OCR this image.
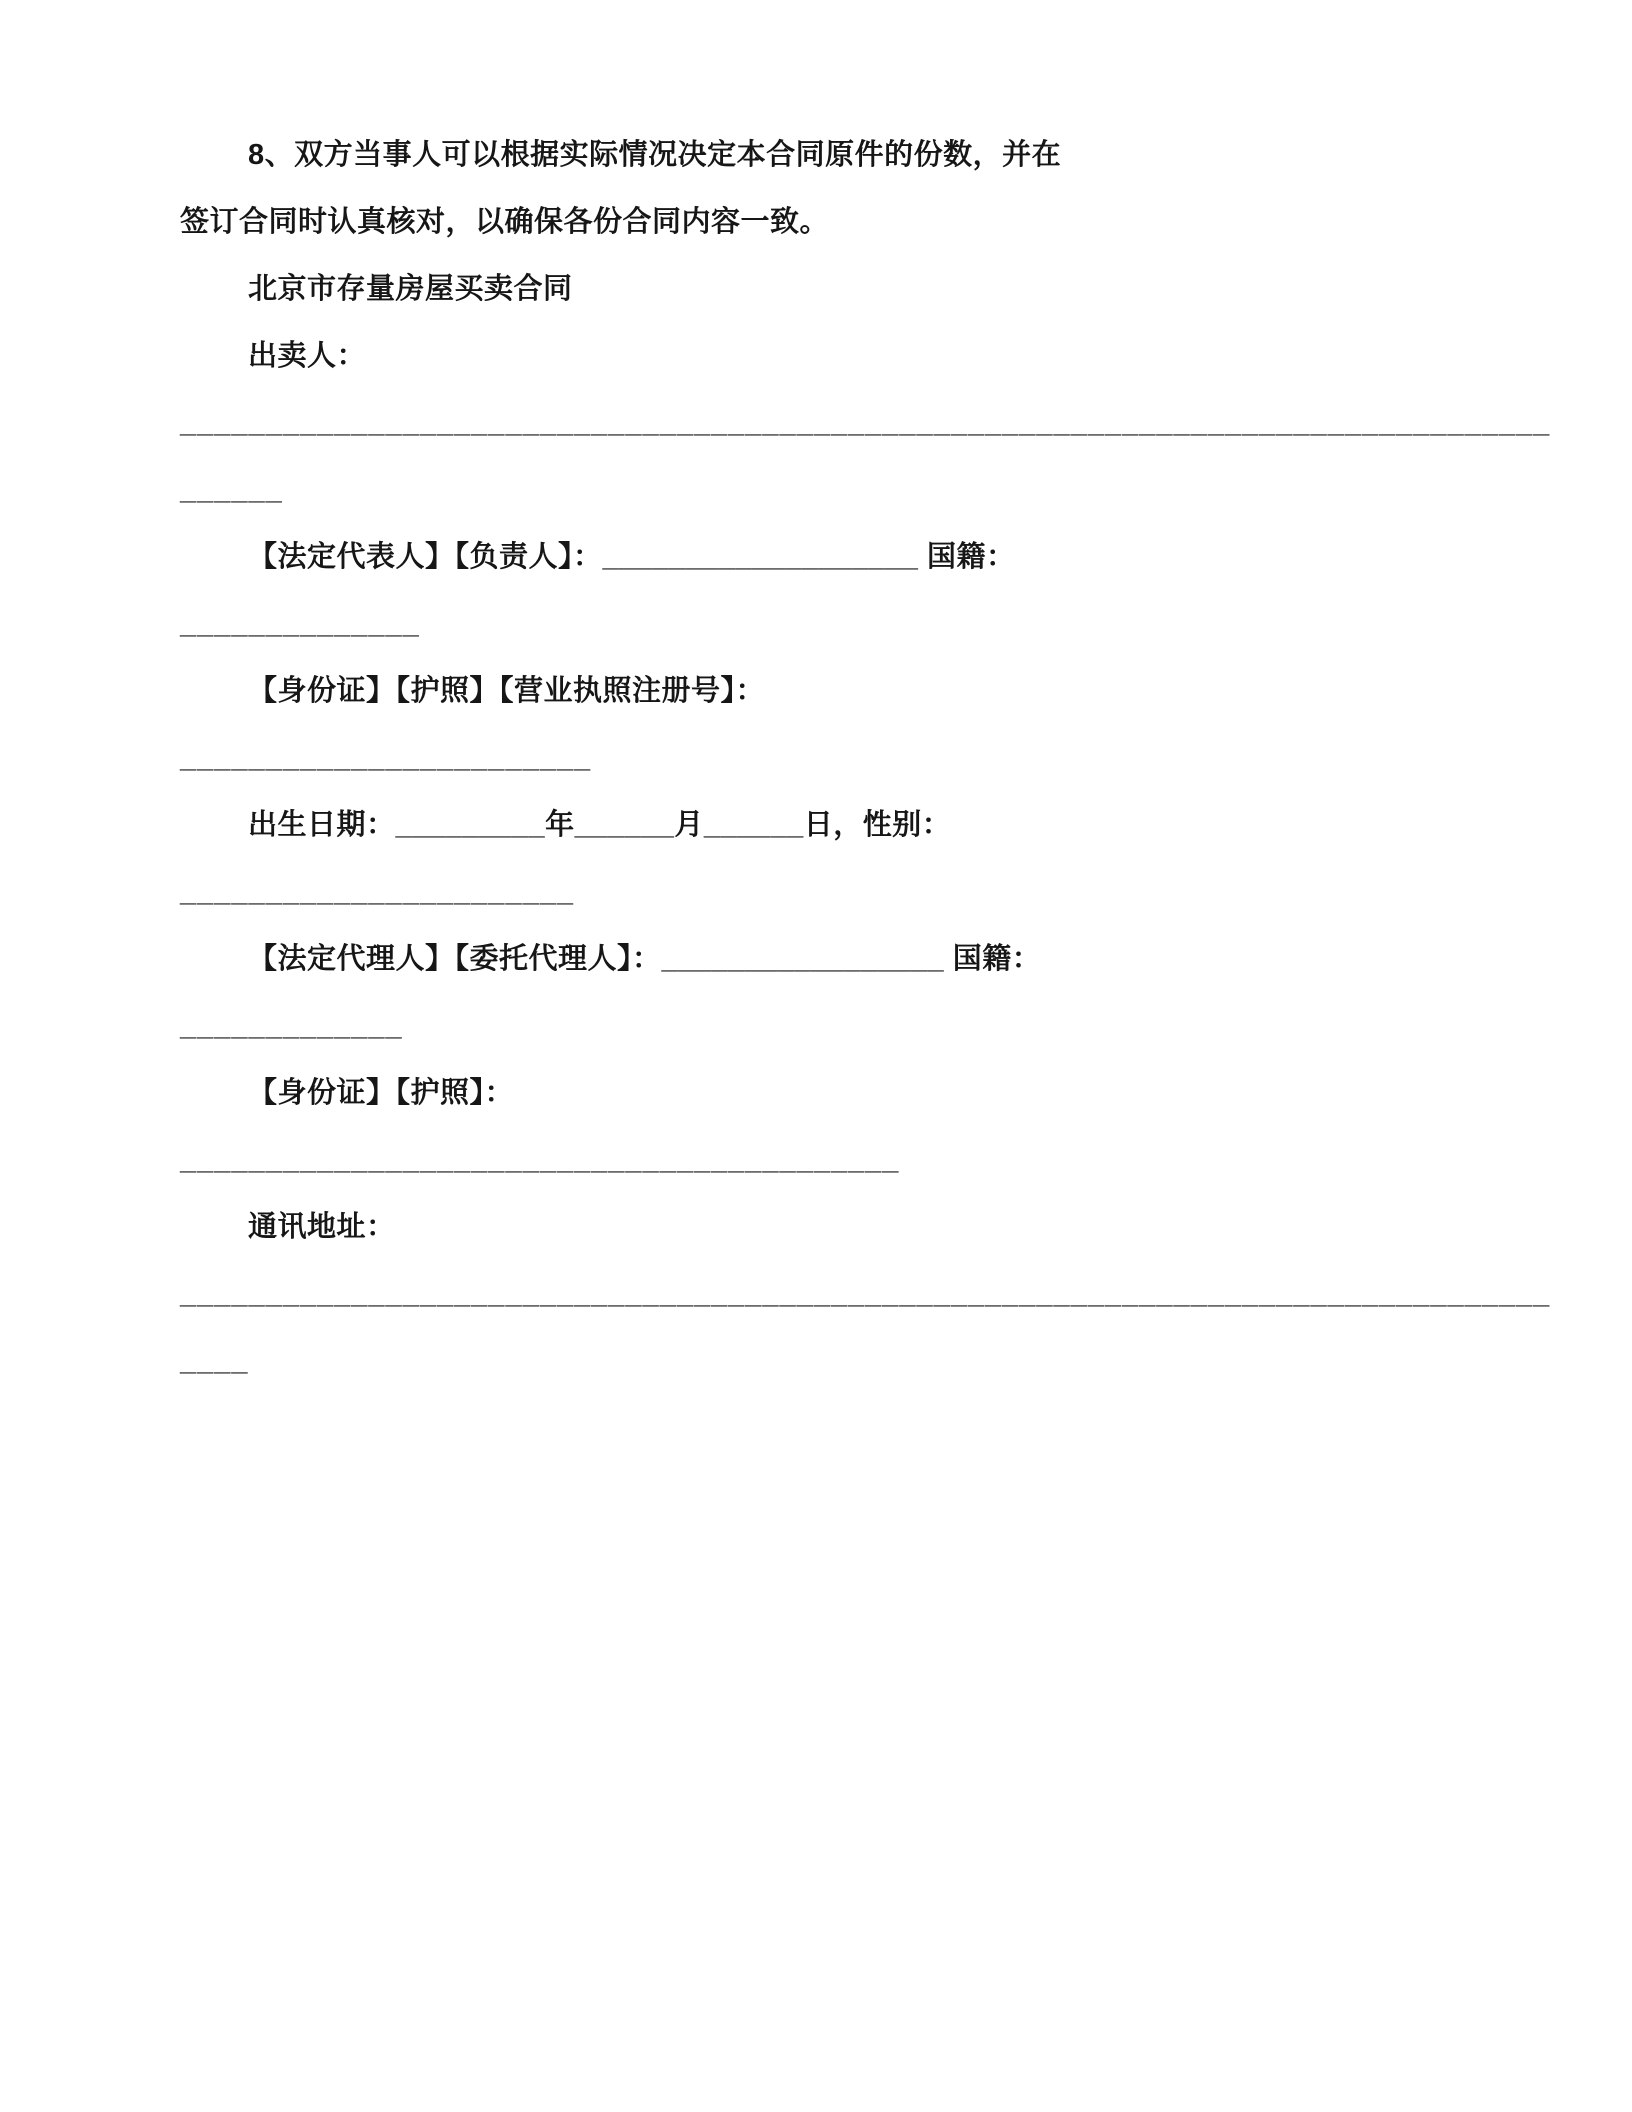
8、双方当事人可以根据实际情况决定本合同原件的份数，并在

签订合同时认真核对，以确保各份合同内容一致。

北京市存量房屋买卖合同

出卖人：

________________________________________________________________________________

______

【法定代表人】【负责人】：___________________ 国籍：

______________

【身份证】【护照】【营业执照注册号】：

________________________

出生日期：_________年______月______日，性别：

_______________________

【法定代理人】【委托代理人】：_________________ 国籍：

_____________

【身份证】【护照】：

__________________________________________

通讯地址：

________________________________________________________________________________

____
